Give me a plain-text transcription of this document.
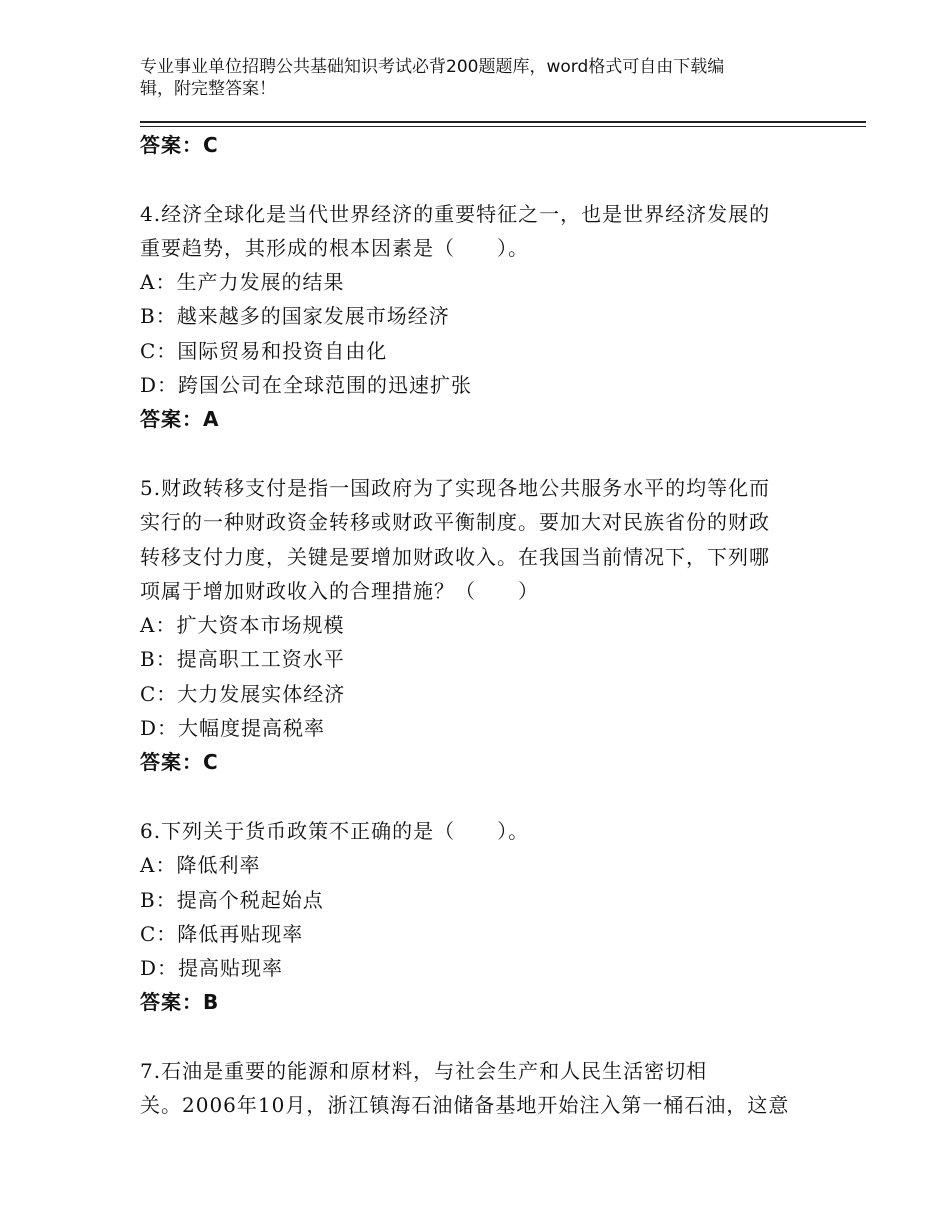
专业事业单位招聘公共基础知识考试必背200题题库，word格式可自由下载编
辑，附完整答案！
答案：C
4.经济全球化是当代世界经济的重要特征之一，也是世界经济发展的
重要趋势，其形成的根本因素是（　　）。
A：生产力发展的结果
B：越来越多的国家发展市场经济
C：国际贸易和投资自由化
D：跨国公司在全球范围的迅速扩张
答案：A
5.财政转移支付是指一国政府为了实现各地公共服务水平的均等化而
实行的一种财政资金转移或财政平衡制度。要加大对民族省份的财政
转移支付力度，关键是要增加财政收入。在我国当前情况下，下列哪
项属于增加财政收入的合理措施？（　　）
A：扩大资本市场规模
B：提高职工工资水平
C：大力发展实体经济
D：大幅度提高税率
答案：C
6.下列关于货币政策不正确的是（　　）。
A：降低利率
B：提高个税起始点
C：降低再贴现率
D：提高贴现率
答案：B
7.石油是重要的能源和原材料，与社会生产和人民生活密切相
关。2006年10月，浙江镇海石油储备基地开始注入第一桶石油，这意
